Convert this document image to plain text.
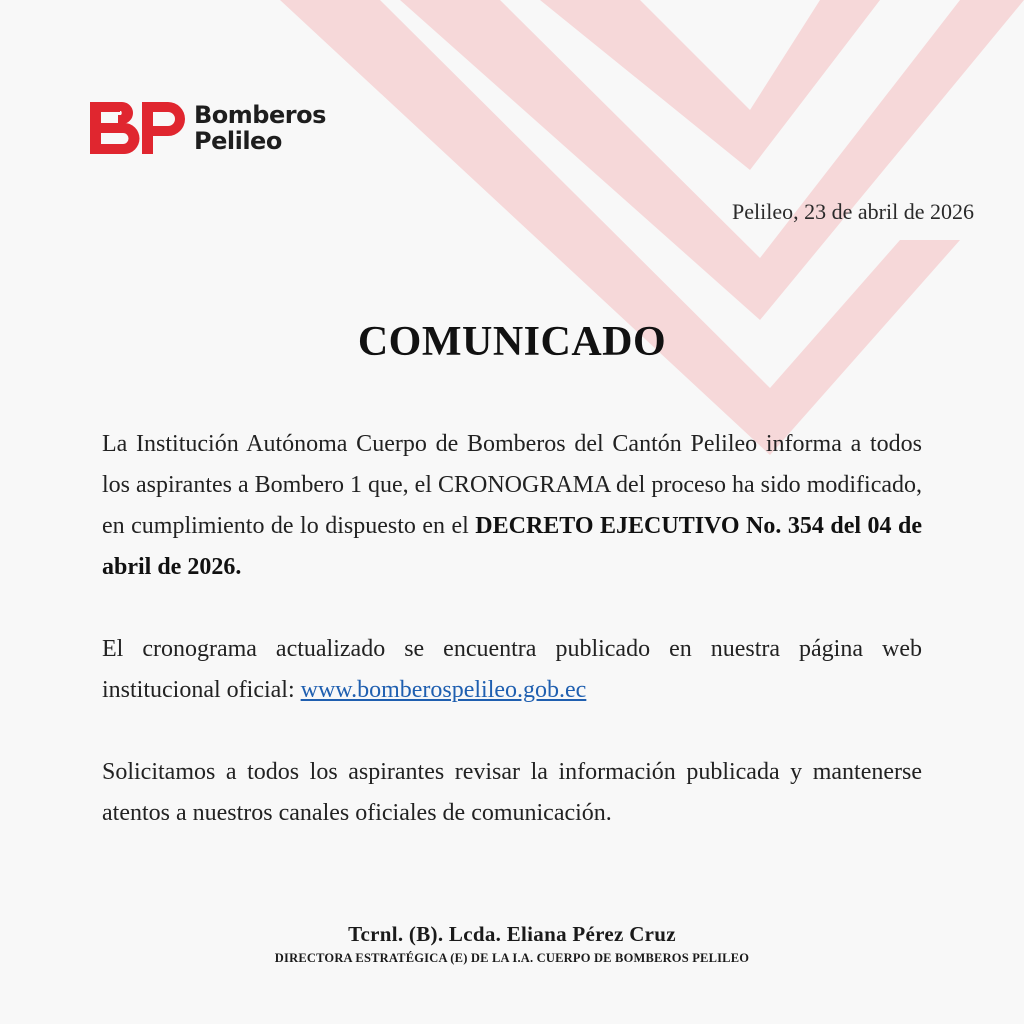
Bomberos
Pelileo
Pelileo, 23 de abril de 2026
COMUNICADO

La Institución Autónoma Cuerpo de Bomberos del Cantón Pelileo informa a todos los aspirantes a Bombero 1 que, el CRONOGRAMA del proceso ha sido modificado, en cumplimiento de lo dispuesto en el DECRETO EJECUTIVO No. 354 del 04 de abril de 2026.

El cronograma actualizado se encuentra publicado en nuestra página web institucional oficial: www.bomberospelileo.gob.ec

Solicitamos a todos los aspirantes revisar la información publicada y mantenerse atentos a nuestros canales oficiales de comunicación.

Tcrnl. (B). Lcda. Eliana Pérez Cruz
DIRECTORA ESTRATÉGICA (E) DE LA I.A. CUERPO DE BOMBEROS PELILEO
